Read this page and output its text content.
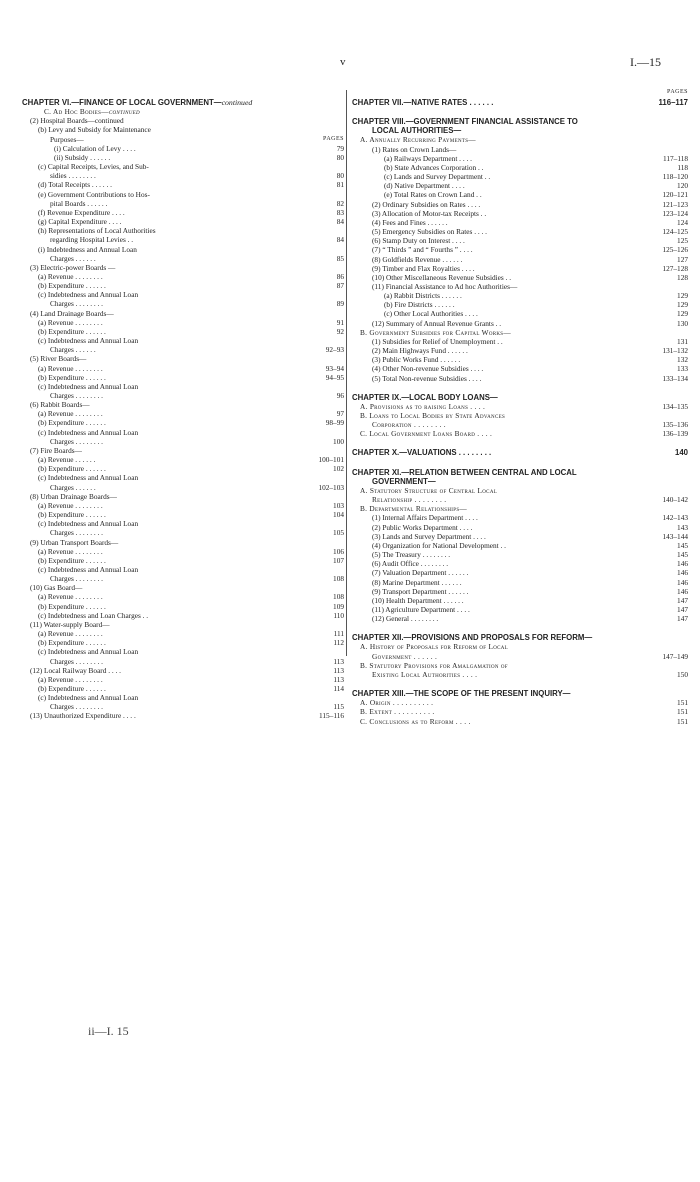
v	I.—15
CHAPTER VI.—FINANCE OF LOCAL GOVERNMENT—continued
C. Ad Hoc Bodies—continued
(2) Hospital Boards—continued
(b) Levy and Subsidy for Maintenance
Purposes—	PAGES
(i) Calculation of Levy . . . .	79
(ii) Subsidy . . . . . .	80
(c) Capital Receipts, Levies, and Sub-
sidies . . . . . . . .	80
(d) Total Receipts . . . . . .	81
(e) Government Contributions to Hos-
pital Boards . . . . . .	82
(f) Revenue Expenditure . . . .	83
(g) Capital Expenditure . . . .	84
(h) Representations of Local Authorities
regarding Hospital Levies . .	84
(i) Indebtedness and Annual Loan
Charges . . . . . .	85
(3) Electric-power Boards —
(a) Revenue . . . . . . . .	86
(b) Expenditure . . . . . .	87
(c) Indebtedness and Annual Loan
Charges . . . . . . . .	89
(4) Land Drainage Boards—
(a) Revenue . . . . . . . .	91
(b) Expenditure . . . . . .	92
(c) Indebtedness and Annual Loan
Charges . . . . . .	92–93
(5) River Boards—
(a) Revenue . . . . . . . .	93–94
(b) Expenditure . . . . . .	94–95
(c) Indebtedness and Annual Loan
Charges . . . . . . . .	96
(6) Rabbit Boards—
(a) Revenue . . . . . . . .	97
(b) Expenditure . . . . . .	98–99
(c) Indebtedness and Annual Loan
Charges . . . . . . . .	100
(7) Fire Boards—
(a) Revenue . . . . . .	100–101
(b) Expenditure . . . . . .	102
(c) Indebtedness and Annual Loan
Charges . . . . . .	102–103
(8) Urban Drainage Boards—
(a) Revenue . . . . . . . .	103
(b) Expenditure . . . . . .	104
(c) Indebtedness and Annual Loan
Charges . . . . . . . .	105
(9) Urban Transport Boards—
(a) Revenue . . . . . . . .	106
(b) Expenditure . . . . . .	107
(c) Indebtedness and Annual Loan
Charges . . . . . . . .	108
(10) Gas Board—
(a) Revenue . . . . . . . .	108
(b) Expenditure . . . . . .	109
(c) Indebtedness and Loan Charges . .	110
(11) Water-supply Board—
(a) Revenue . . . . . . . .	111
(b) Expenditure . . . . . .	112
(c) Indebtedness and Annual Loan
Charges . . . . . . . .	113
(12) Local Railway Board . . . .	113
(a) Revenue . . . . . . . .	113
(b) Expenditure . . . . . .	114
(c) Indebtedness and Annual Loan
Charges . . . . . . . .	115
(13) Unauthorized Expenditure . . . .	115–116
PAGES
CHAPTER VII.—NATIVE RATES . . . . . .	116–117
CHAPTER VIII.—GOVERNMENT FINANCIAL ASSISTANCE TO
LOCAL AUTHORITIES—
A. Annually Recurring Payments—
(1) Rates on Crown Lands—
(a) Railways Department . . . .	117–118
(b) State Advances Corporation . .	118
(c) Lands and Survey Department . .	118–120
(d) Native Department . . . .	120
(e) Total Rates on Crown Land . .	120–121
(2) Ordinary Subsidies on Rates . . . .	121–123
(3) Allocation of Motor-tax Receipts . .	123–124
(4) Fees and Fines . . . . . .	124
(5) Emergency Subsidies on Rates . . . .	124–125
(6) Stamp Duty on Interest . . . .	125
(7) “ Thirds ” and “ Fourths ” . . . .	125–126
(8) Goldfields Revenue . . . . . .	127
(9) Timber and Flax Royalties . . . .	127–128
(10) Other Miscellaneous Revenue Subsidies . .	128
(11) Financial Assistance to Ad hoc Authorities—
(a) Rabbit Districts . . . . . .	129
(b) Fire Districts . . . . . .	129
(c) Other Local Authorities . . . .	129
(12) Summary of Annual Revenue Grants . .	130
B. Government Subsidies for Capital Works—
(1) Subsidies for Relief of Unemployment . .	131
(2) Main Highways Fund . . . . . .	131–132
(3) Public Works Fund . . . . . .	132
(4) Other Non-revenue Subsidies . . . .	133
(5) Total Non-revenue Subsidies . . . .	133–134
CHAPTER IX.—LOCAL BODY LOANS—
A. Provisions as to raising Loans . . . .	134–135
B. Loans to Local Bodies by State Advances
Corporation . . . . . . . .	135–136
C. Local Government Loans Board . . . .	136–139
CHAPTER X.—VALUATIONS . . . . . . . .	140
CHAPTER XI.—RELATION BETWEEN CENTRAL AND LOCAL
GOVERNMENT—
A. Statutory Structure of Central Local
Relationship . . . . . . . .	140–142
B. Departmental Relationships—
(1) Internal Affairs Department . . . .	142–143
(2) Public Works Department . . . .	143
(3) Lands and Survey Department . . . .	143–144
(4) Organization for National Development . .	145
(5) The Treasury . . . . . . . .	145
(6) Audit Office . . . . . . . .	146
(7) Valuation Department . . . . . .	146
(8) Marine Department . . . . . .	146
(9) Transport Department . . . . . .	146
(10) Health Department . . . . . .	147
(11) Agriculture Department . . . .	147
(12) General . . . . . . . .	147
CHAPTER XII.—PROVISIONS AND PROPOSALS FOR REFORM—
A. History of Proposals for Reform of Local
Government . . . . . .	147–149
B. Statutory Provisions for Amalgamation of
Existing Local Authorities . . . .	150
CHAPTER XIII.—THE SCOPE OF THE PRESENT INQUIRY—
A. Origin . . . . . . . . . .	151
B. Extent . . . . . . . . . .	151
C. Conclusions as to Reform . . . .	151
ii—I. 15
